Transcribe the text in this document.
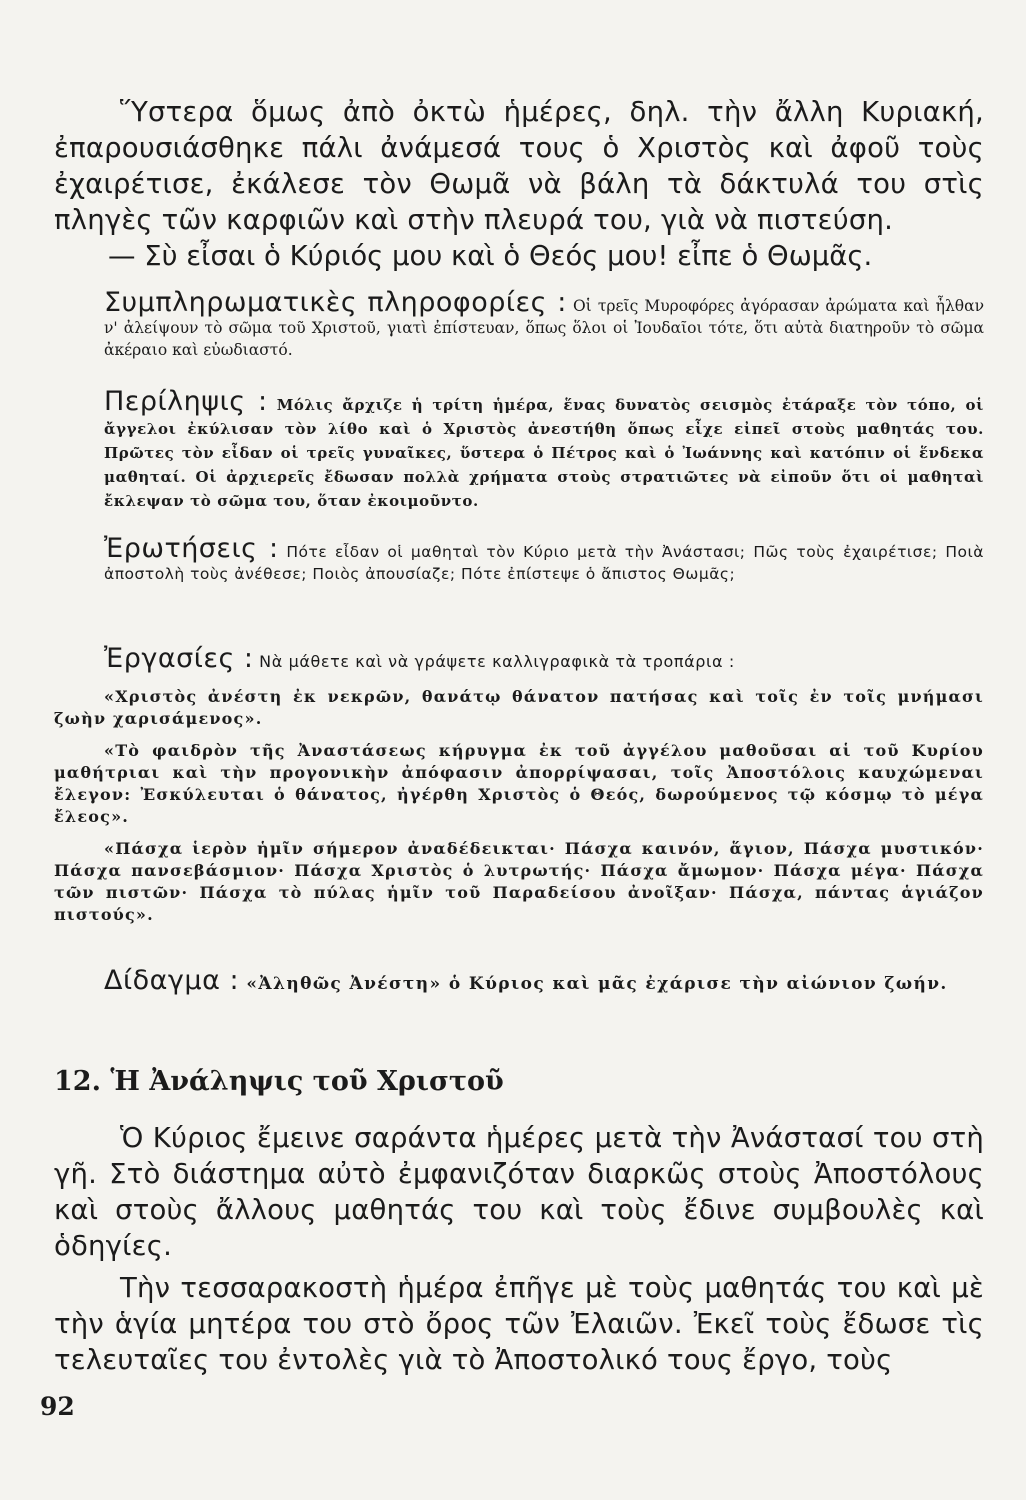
Ὕστερα ὅμως ἀπὸ ὀκτὼ ἡμέρες, δηλ. τὴν ἄλλη Κυριακή, ἐπαρουσιάσθηκε πάλι ἀνάμεσά τους ὁ Χριστὸς καὶ ἀφοῦ τοὺς ἐχαιρέτισε, ἐκάλεσε τὸν Θωμᾶ νὰ βάλη τὰ δάκτυλά του στὶς πληγὲς τῶν καρφιῶν καὶ στὴν πλευρά του, γιὰ νὰ πιστεύση.
— Σὺ εἶσαι ὁ Κύριός μου καὶ ὁ Θεός μου! εἶπε ὁ Θωμᾶς.
Συμπληρωματικὲς πληροφορίες : Οἱ τρεῖς Μυροφόρες ἀγόρασαν ἀρώματα καὶ ἦλθαν ν' ἀλείψουν τὸ σῶμα τοῦ Χριστοῦ, γιατὶ ἐπίστευαν, ὅπως ὅλοι οἱ Ἰουδαῖοι τότε, ὅτι αὐτὰ διατηροῦν τὸ σῶμα ἀκέραιο καὶ εὐωδιαστό.
Περίληψις : Μόλις ἄρχιζε ἡ τρίτη ἡμέρα, ἕνας δυνατὸς σεισμὸς ἐτάραξε τὸν τόπο, οἱ ἄγγελοι ἐκύλισαν τὸν λίθο καὶ ὁ Χριστὸς ἀνεστήθη ὅπως εἶχε εἰπεῖ στοὺς μαθητάς του. Πρῶτες τὸν εἶδαν οἱ τρεῖς γυναῖκες, ὕστερα ὁ Πέτρος καὶ ὁ Ἰωάννης καὶ κατόπιν οἱ ἕνδεκα μαθηταί. Οἱ ἀρχιερεῖς ἔδωσαν πολλὰ χρήματα στοὺς στρατιῶτες νὰ εἰποῦν ὅτι οἱ μαθηταὶ ἔκλεψαν τὸ σῶμα του, ὅταν ἐκοιμοῦντο.
Ἐρωτήσεις : Πότε εἶδαν οἱ μαθηταὶ τὸν Κύριο μετὰ τὴν Ἀνάστασι; Πῶς τοὺς ἐχαιρέτισε; Ποιὰ ἀποστολὴ τοὺς ἀνέθεσε; Ποιὸς ἀπουσίαζε; Πότε ἐπίστεψε ὁ ἄπιστος Θωμᾶς;
Ἐργασίες : Νὰ μάθετε καὶ νὰ γράψετε καλλιγραφικὰ τὰ τροπάρια :

«Χριστὸς ἀνέστη ἐκ νεκρῶν, θανάτῳ θάνατον πατήσας καὶ τοῖς ἐν τοῖς μνήμασι ζωὴν χαρισάμενος».

«Τὸ φαιδρὸν τῆς Ἀναστάσεως κήρυγμα ἐκ τοῦ ἀγγέλου μαθοῦσαι αἱ τοῦ Κυρίου μαθήτριαι καὶ τὴν προγονικὴν ἀπόφασιν ἀπορρίψασαι, τοῖς Ἀποστόλοις καυχώμεναι ἔλεγον: Ἐσκύλευται ὁ θάνατος, ἠγέρθη Χριστὸς ὁ Θεός, δωρούμενος τῷ κόσμῳ τὸ μέγα ἔλεος».

«Πάσχα ἱερὸν ἡμῖν σήμερον ἀναδέδεικται· Πάσχα καινόν, ἅγιον, Πάσχα μυστικόν· Πάσχα πανσεβάσμιον· Πάσχα Χριστὸς ὁ λυτρωτής· Πάσχα ἄμωμον· Πάσχα μέγα· Πάσχα τῶν πιστῶν· Πάσχα τὸ πύλας ἡμῖν τοῦ Παραδείσου ἀνοῖξαν· Πάσχα, πάντας ἁγιάζον πιστούς».

Δίδαγμα : «Ἀληθῶς Ἀνέστη» ὁ Κύριος καὶ μᾶς ἐχάρισε τὴν αἰώνιον ζωήν.
12. Ἡ Ἀνάληψις τοῦ Χριστοῦ
Ὁ Κύριος ἔμεινε σαράντα ἡμέρες μετὰ τὴν Ἀνάστασί του στὴ γῆ. Στὸ διάστημα αὐτὸ ἐμφανιζόταν διαρκῶς στοὺς Ἀποστόλους καὶ στοὺς ἄλλους μαθητάς του καὶ τοὺς ἔδινε συμβουλὲς καὶ ὁδηγίες.
Τὴν τεσσαρακοστὴ ἡμέρα ἐπῆγε μὲ τοὺς μαθητάς του καὶ μὲ τὴν ἁγία μητέρα του στὸ ὄρος τῶν Ἐλαιῶν. Ἐκεῖ τοὺς ἔδωσε τὶς τελευταῖες του ἐντολὲς γιὰ τὸ Ἀποστολικό τους ἔργο, τοὺς
92
